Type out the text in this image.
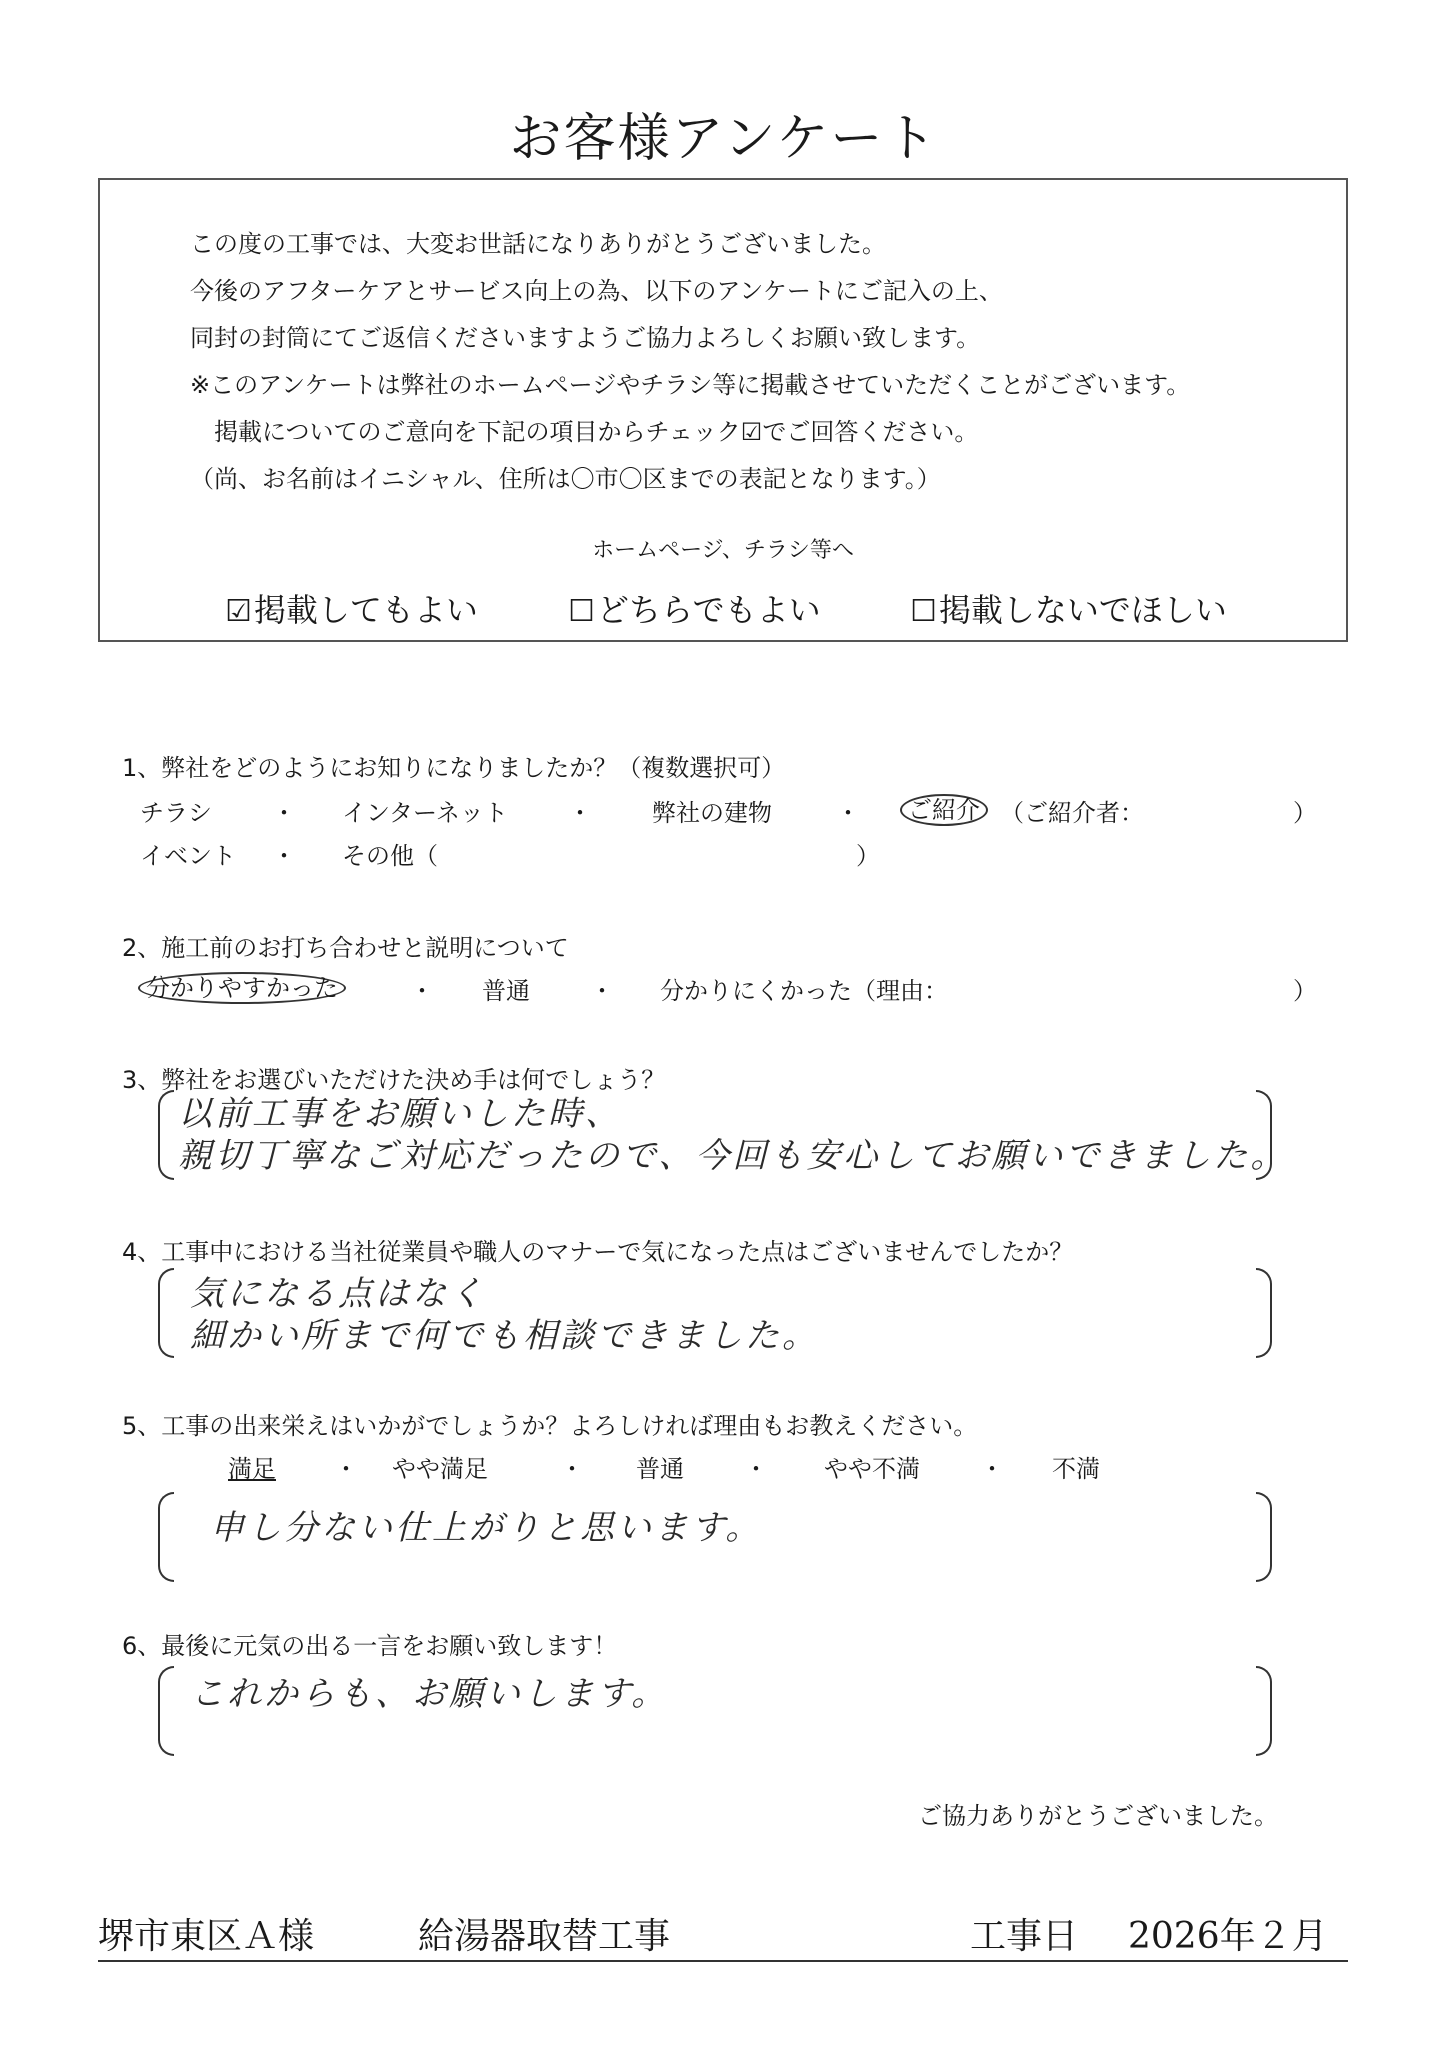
お客様アンケート
この度の工事では、大変お世話になりありがとうございました。
今後のアフターケアとサービス向上の為、以下のアンケートにご記入の上、
同封の封筒にてご返信くださいますようご協力よろしくお願い致します。
※このアンケートは弊社のホームページやチラシ等に掲載させていただくことがございます。
　掲載についてのご意向を下記の項目からチェック☑でご回答ください。
（尚、お名前はイニシャル、住所は〇市〇区までの表記となります。）
ホームページ、チラシ等へ
☑掲載してもよい	☐どちらでもよい	☐掲載しないでほしい
1、弊社をどのようにお知りになりましたか？（複数選択可）
チラシ	・ インターネット	・	弊社の建物	・	ご紹介 （ご紹介者：	）
イベント ・ その他（	）
2、施工前のお打ち合わせと説明について
分かりやすかった	・ 普通	・ 分かりにくかった（理由：	）
3、弊社をお選びいただけた決め手は何でしょう？
以前工事をお願いした時、
親切丁寧なご対応だったので、今回も安心してお願いできました。
4、工事中における当社従業員や職人のマナーで気になった点はございませんでしたか？
気になる点はなく
細かい所まで何でも相談できました。
5、工事の出来栄えはいかがでしょうか？よろしければ理由もお教えください。
満足 ・ やや満足	・ 普通	・ やや不満	・ 不満
申し分ない仕上がりと思います。
6、最後に元気の出る一言をお願い致します！
これからも、お願いします。
ご協力ありがとうございました。
堺市東区Ａ様	給湯器取替工事	工事日 2026年２月
